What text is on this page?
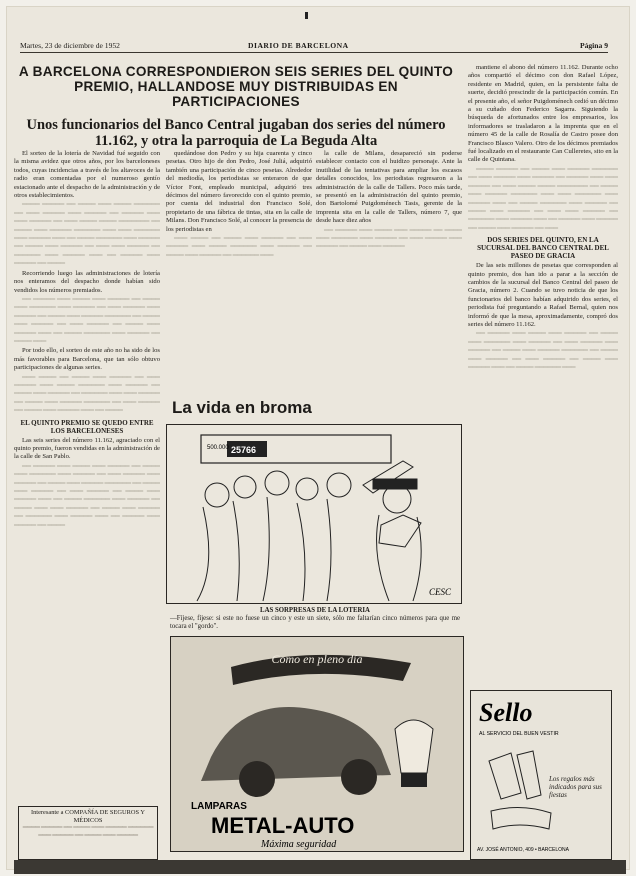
Martes, 23 de diciembre de 1952	DIARIO DE BARCELONA	Página 9
A BARCELONA CORRESPONDIERON SEIS SERIES DEL QUINTO PREMIO, HALLANDOSE MUY DISTRIBUIDAS EN PARTICIPACIONES
Unos funcionarios del Banco Central jugaban dos series del número 11.162, y otra la parroquia de La Beguda Alta

El sorteo de la lotería de Navidad fué seguido con la misma avidez que otros años, por los barceloneses todos, cuyas incidencias a través de los altavoces de la radio eran comentadas por el numeroso gentío estacionado ante el despacho de la administración y de otros establecimientos.

════ ═════ ══ ════ ═══ ════ ══════ ══ ═══ ═════ ═══ ═════ ══ ═════ ═══ ═══ ═════ ══ ═══ ════ ════ ═══════ ══ ════ ═══ ═════ ══════ ═══ ═══ ══════ ═══ ═════ ═══ ══ ════ ══════ ═══ ═════ ══ ════ ═══ ═════ ══ ═══ ═══ ═════ ══ ══════ ═══ ═════ ═══ ══ ═════ ═══ ═════ ══ ════

Recorriendo luego las administraciones de lotería nos enteramos del despacho donde habían sido vendidos los números premiados.

══ ═════ ═══ ════ ═══ ═════ ══ ════ ═══ ══════ ═══ ═════ ══ ═══ ═════ ═══ ═════ ══ ════ ═══ ═════ ══════ ══ ════ ═══ ═════ ══ ═══ ═════ ══ ════ ═══ ═════ ═══ ══ ════ ══════ ═══ ═════ ══ ════ ═══

Por todo ello, el sorteo de este año no ha sido de los más favorables para Barcelona, que tan sólo obtuvo participaciones de algunas series.

═══ ════ ══ ════ ═══ ═════ ══ ═══ ═════ ═══ ════ ══════ ═══ ═════ ══ ════ ═══ ═════ ══ ══════ ═══ ═══ ═════ ══ ════ ═══ ═════ ══════ ══ ═══ ═════ ══ ════ ═══ ═════ ═══ ══ ════

EL QUINTO PREMIO SE QUEDO ENTRE LOS BARCELONESES

Las seis series del número 11.162, agraciado con el quinto premio, fueron vendidas en la administración de la calle de San Pablo.

══ ═════ ═══ ════ ═══ ═════ ══ ════ ═══ ══════ ═══ ═════ ══ ═══ ═════ ═══ ═════ ══ ════ ═══ ═════ ══════ ══ ════ ═══ ═════ ══ ═══ ═════ ══ ════ ═══ ═════ ═══ ══ ════ ══════ ═══ ═════ ══ ════ ═══ ═══ ═════ ══ ════ ═══ ═════ ══ ══════ ═══ ═════ ═══ ══ ═════ ═══ ═════ ══ ════

Interesante a COMPAÑÍA DE SEGUROS Y MÉDICOS
════ ═════ ══ ════ ═══ ═════ ══════ ═══ ═════ ══ ════ ═══ ═════

quedándose don Pedro y su hija cuarenta y cinco pesetas. Otro hijo de don Pedro, José Juliá, adquirió también una participación de cinco pesetas. Alrededor del mediodía, los periodistas se enteraron de que Víctor Font, empleado municipal, adquirió tres décimos del número favorecido con el quinto premio, por cuenta del industrial don Francisco Solé, propietario de una fábrica de tintas, sita en la calle de Milans. Don Francisco Solé, al conocer la presencia de los periodistas en

═══ ════ ══ ════ ═══ ═════ ══ ═══ ═════ ═══ ════ ══════ ═══ ═════ ══ ════ ═══ ═════ ══ ══════ ═══

la calle de Milans, desapareció sin poderse establecer contacto con el huidizo personaje. Ante la inutilidad de las tentativas para ampliar los escasos detalles conocidos, los periodistas regresaron a la administración de la calle de Tallers. Poco más tarde, se presentó en la administración del quinto premio, don Bartolomé Puigdoménech Tasis, gerente de la imprenta sita en la calle de Tallers, número 7, que desde hace diez años

══ ═════ ═══ ════ ═══ ═════ ══ ════ ═══ ══════ ═══ ═════ ══ ═══ ═════ ═══ ═════ ══ ════ ═══ ═════

mantiene el abono del número 11.162. Durante ocho años compartió el décimo con don Rafael López, residente en Madrid, quien, en la persistente falta de suerte, decidió prescindir de la participación común. En el presente año, el señor Puigdoménech cedió un décimo a su cuñado don Federico Sagarra. Siguiendo la búsqueda de afortunados entre los empresarios, los informadores se trasladaron a la imprenta que en el número 45 de la calle de Rosalía de Castro posee don Francisco Blasco Valero. Otro de los décimos premiados fué localizado en el restaurante Can Culleretes, sito en la calle de Quintana.

════ ═════ ══ ════ ═══ ═════ ══════ ══ ═══ ═════ ═══ ═════ ══ ═════ ═══ ═══ ═════ ══ ═══ ════ ════ ═══════ ══ ════ ═══ ═════ ══════ ═══ ═══ ══════ ═══ ═════ ═══ ══ ════ ══════ ═══ ═════ ══ ════ ═══ ═════ ══ ═══ ═══ ═════ ══ ══════ ═══ ═════ ═══ ══ ═════ ═══ ═════ ══ ════ ═══ ═════ ══ ═══

DOS SERIES DEL QUINTO, EN LA SUCURSAL DEL BANCO CENTRAL DEL PASEO DE GRACIA

De las seis millones de pesetas que corresponden al quinto premio, dos han ido a parar a la sección de cambios de la sucursal del Banco Central del paseo de Gracia, número 2. Cuando se tuvo noticia de que los funcionarios del banco habían adquirido dos series, el periodista fué preguntando a Rafael Bernal, quien nos informó de que la mesa, aproximadamente, compró dos series del número 11.162.

══ ═════ ═══ ════ ═══ ═════ ══ ════ ═══ ══════ ═══ ═════ ══ ═══ ═════ ═══ ═════ ══ ════ ═══ ═════ ══════ ══ ════ ═══ ═════ ══ ═══ ═════ ══ ════ ═══ ═════ ═══ ══ ════ ══════ ═══

La vida en broma
500.000 25766
CESC
LAS SORPRESAS DE LA LOTERIA
—Fíjese, fíjese: si este no fuese un cinco y este un siete, sólo me faltarían cinco números para que me tocara el "gordo".
Como en pleno día
LAMPARAS
METAL-AUTO
Máxima seguridad
Sello
AL SERVICIO DEL BUEN VESTIR
Los regalos más indicados para sus fiestas
AV. JOSÉ ANTONIO, 409 • BARCELONA
